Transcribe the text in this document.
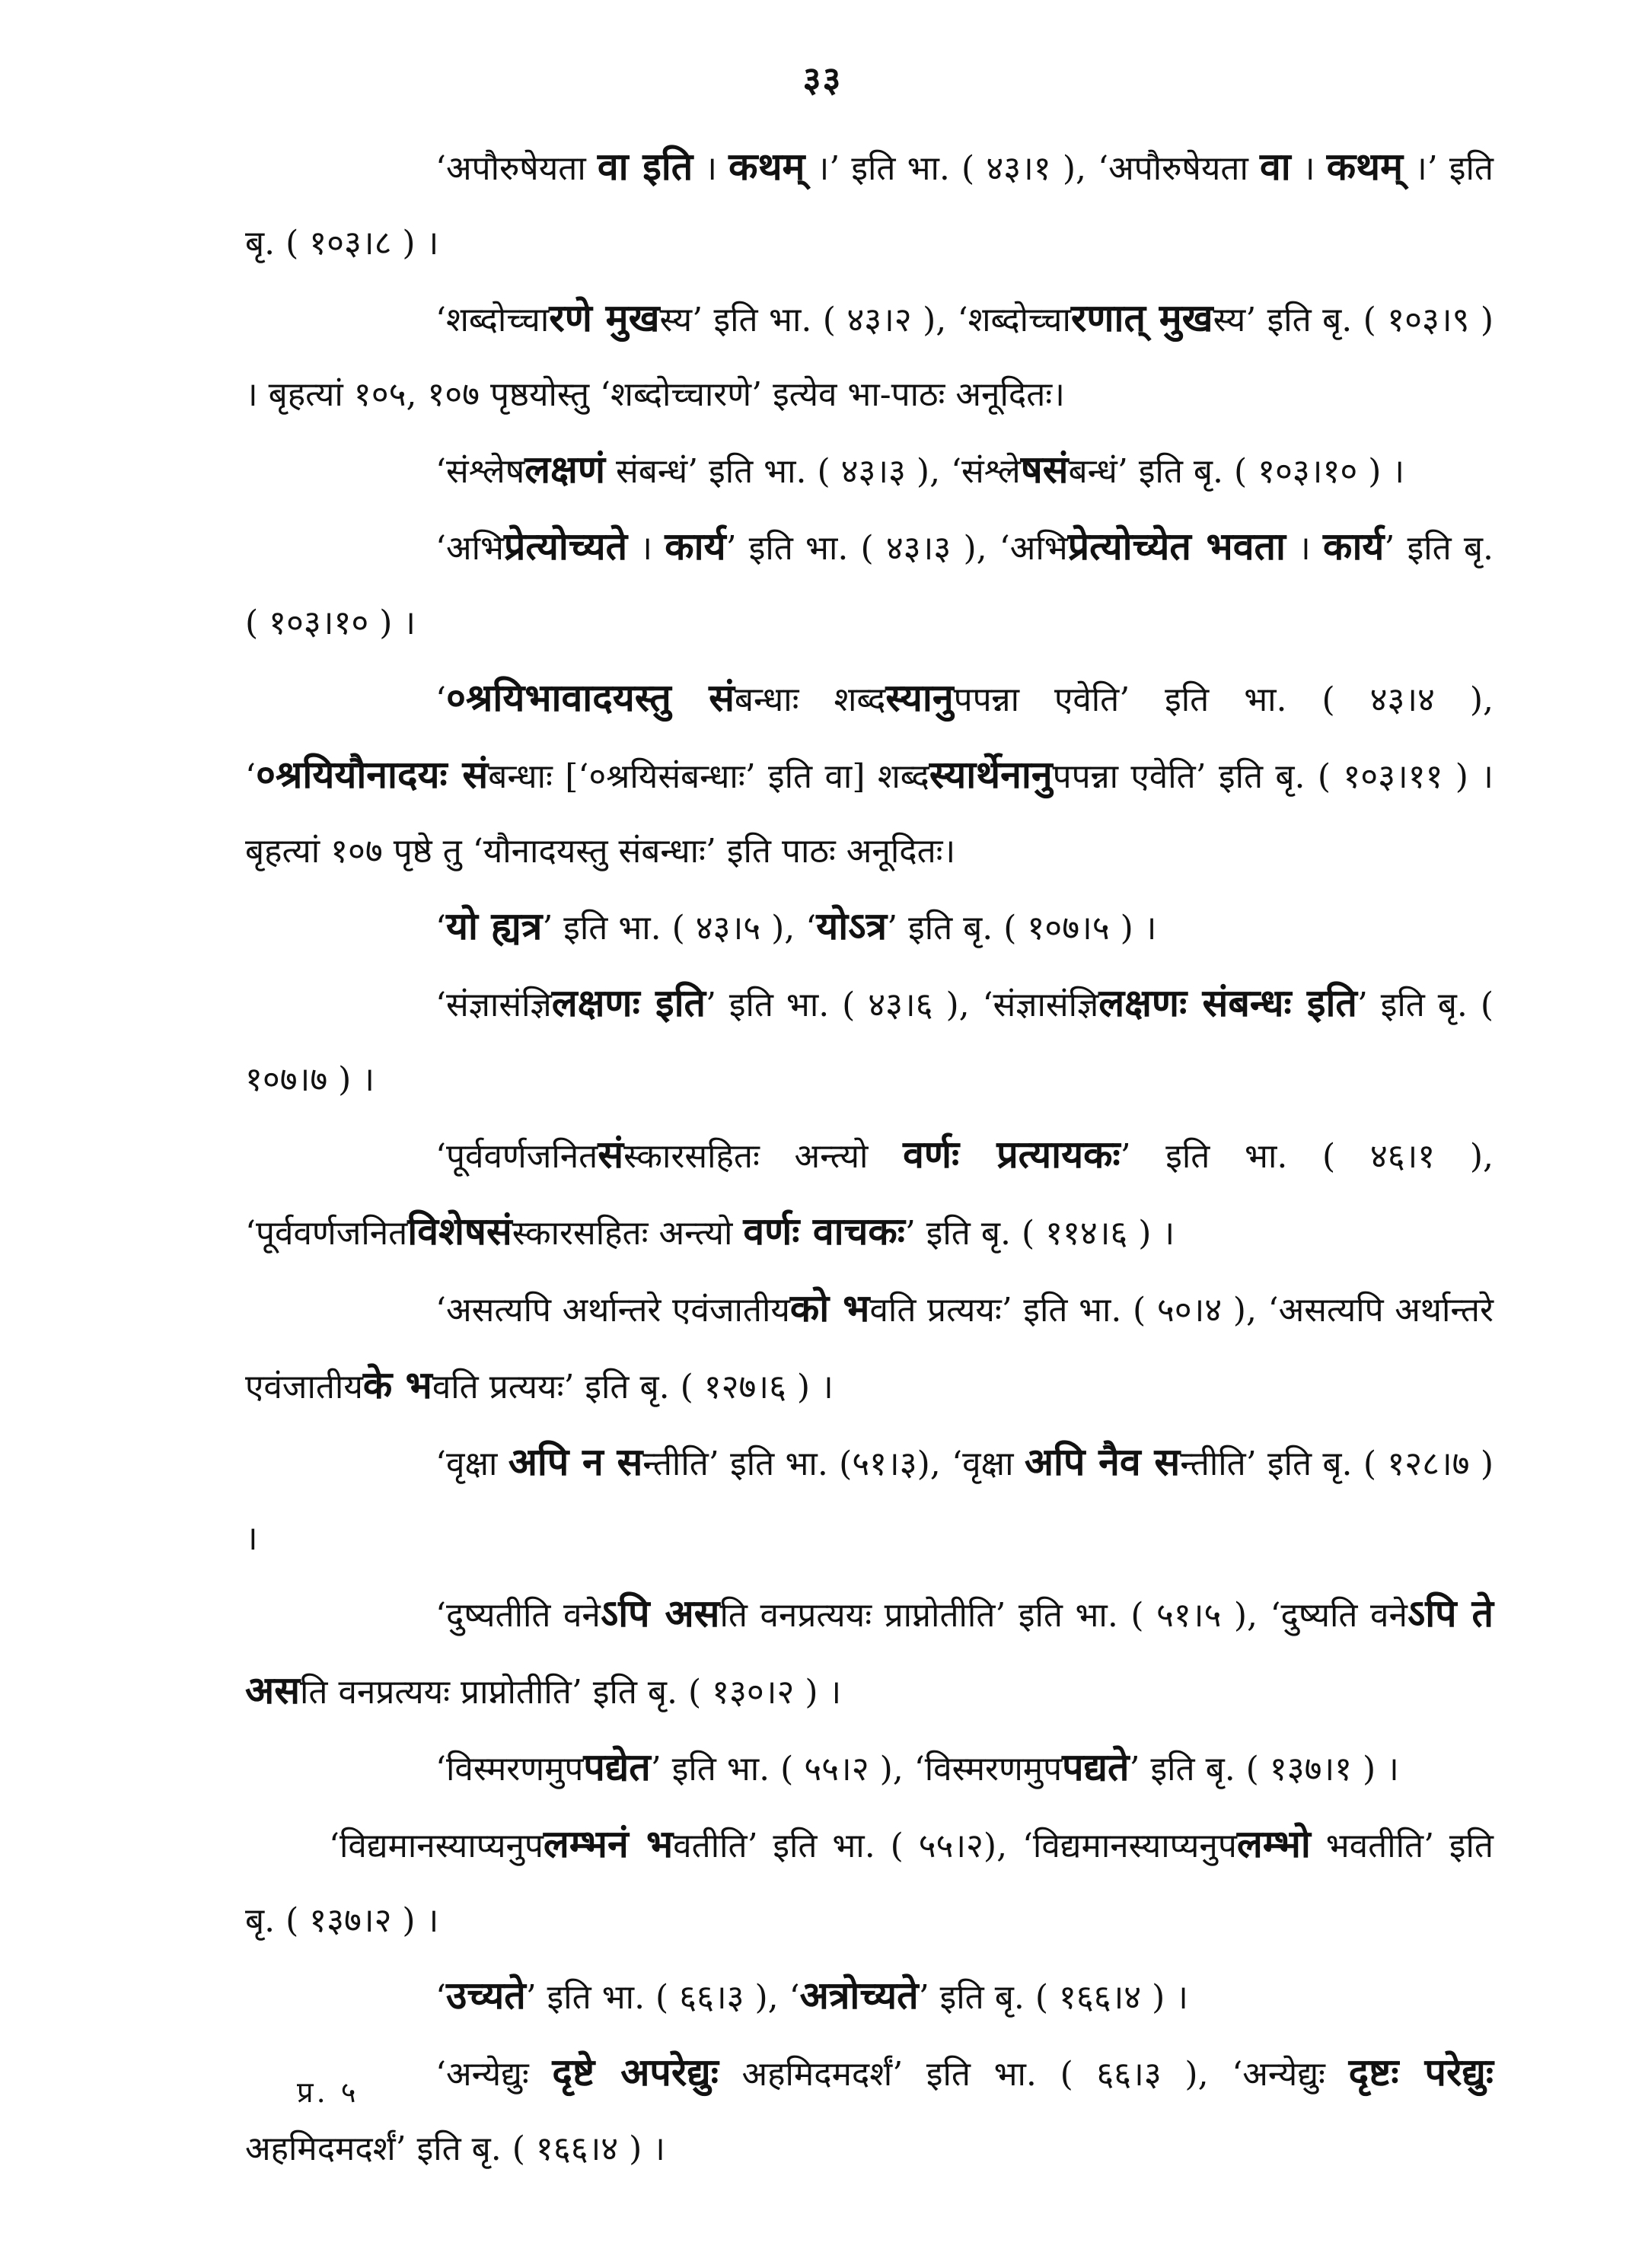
३३

‘अपौरुषेयता वा इति । कथम् ।’ इति भा. ( ४३।१ ), ‘अपौरुषेयता वा । कथम् ।’ इति बृ. ( १०३।८ ) ।

‘शब्दोच्चारणे मुखस्य’ इति भा. ( ४३।२ ), ‘शब्दोच्चारणात् मुखस्य’ इति बृ. ( १०३।९ ) । बृहत्यां १०५, १०७ पृष्ठयोस्तु ‘शब्दोच्चारणे’ इत्येव भा-पाठः अनूदितः।

‘संश्लेषलक्षणं संबन्धं’ इति भा. ( ४३।३ ), ‘संश्लेषसंबन्धं’ इति बृ. ( १०३।१० ) ।

‘अभिप्रेत्योच्यते । कार्य’ इति भा. ( ४३।३ ), ‘अभिप्रेत्योच्येत भवता । कार्य’ इति बृ. ( १०३।१० ) ।

‘०श्रयिभावादयस्तु संबन्धाः शब्दस्यानुपपन्ना एवेति’ इति भा. ( ४३।४ ), ‘०श्रयियौनादयः संबन्धाः [‘०श्रयिसंबन्धाः’ इति वा] शब्दस्यार्थेनानुपपन्ना एवेति’ इति बृ. ( १०३।११ ) । बृहत्यां १०७ पृष्ठे तु ‘यौनादयस्तु संबन्धाः’ इति पाठः अनूदितः।

‘यो ह्यत्र’ इति भा. ( ४३।५ ), ‘योऽत्र’ इति बृ. ( १०७।५ ) ।

‘संज्ञासंज्ञिलक्षणः इति’ इति भा. ( ४३।६ ), ‘संज्ञासंज्ञिलक्षणः संबन्धः इति’ इति बृ. ( १०७।७ ) ।

‘पूर्ववर्णजनितसंस्कारसहितः अन्त्यो वर्णः प्रत्यायकः’ इति भा. ( ४६।१ ), ‘पूर्ववर्णजनितविशेषसंस्कारसहितः अन्त्यो वर्णः वाचकः’ इति बृ. ( ११४।६ ) ।

‘असत्यपि अर्थान्तरे एवंजातीयको भवति प्रत्ययः’ इति भा. ( ५०।४ ), ‘असत्यपि अर्थान्तरे एवंजातीयके भवति प्रत्ययः’ इति बृ. ( १२७।६ ) ।

‘वृक्षा अपि न सन्तीति’ इति भा. (५१।३), ‘वृक्षा अपि नैव सन्तीति’ इति बृ. ( १२८।७ ) ।

‘दुष्यतीति वनेऽपि असति वनप्रत्ययः प्राप्नोतीति’ इति भा. ( ५१।५ ), ‘दुष्यति वनेऽपि ते असति वनप्रत्ययः प्राप्नोतीति’ इति बृ. ( १३०।२ ) ।

‘विस्मरणमुपपद्येत’ इति भा. ( ५५।२ ), ‘विस्मरणमुपपद्यते’ इति बृ. ( १३७।१ ) ।

‘विद्यमानस्याप्यनुपलम्भनं भवतीति’ इति भा. ( ५५।२), ‘विद्यमानस्याप्यनुपलम्भो भवतीति’ इति बृ. ( १३७।२ ) ।

‘उच्यते’ इति भा. ( ६६।३ ), ‘अत्रोच्यते’ इति बृ. ( १६६।४ ) ।

‘अन्येद्युः दृष्टे अपरेद्युः अहमिदमदर्शं’ इति भा. ( ६६।३ ), ‘अन्येद्युः दृष्टः परेद्युः अहमिदमदर्शं’ इति बृ. ( १६६।४ ) ।

प्र. ५
